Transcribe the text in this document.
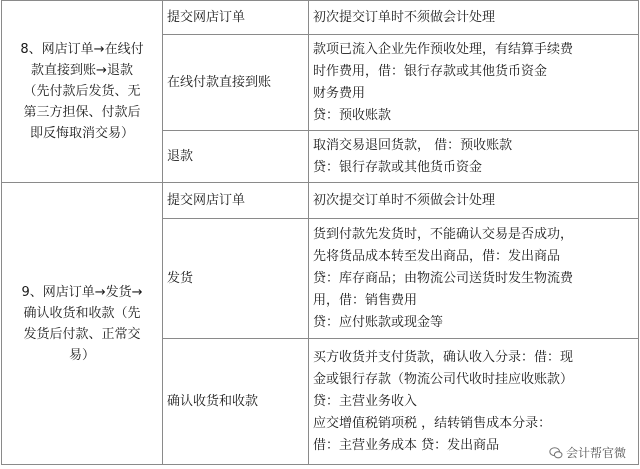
8、网店订单→在线付
款直接到账→退款
（先付款后发货、无
第三方担保、付款后
即反悔取消交易）	提交网店订单	初次提交订单时不须做会计处理

	在线付款直接到账	款项已流入企业先作预收处理，有结算手续费
时作费用，借：银行存款或其他货币资金
财务费用
贷：预收账款

	退款	取消交易退回货款， 借：预收账款
贷：银行存款或其他货币资金

9、网店订单→发货→
确认收货和收款（先
发货后付款、正常交
易）	提交网店订单	初次提交订单时不须做会计处理

	发货	货到付款先发货时，不能确认交易是否成功，
先将货品成本转至发出商品，借：发出商品
贷：库存商品；由物流公司送货时发生物流费
用，借：销售费用
贷：应付账款或现金等

	确认收货和收款	买方收货并支付货款，确认收入分录：借：现
金或银行存款（物流公司代收时挂应收账款）
贷：主营业务收入
应交增值税销项税 ，结转销售成本分录：
借：主营业务成本 贷：发出商品
会计帮官微
